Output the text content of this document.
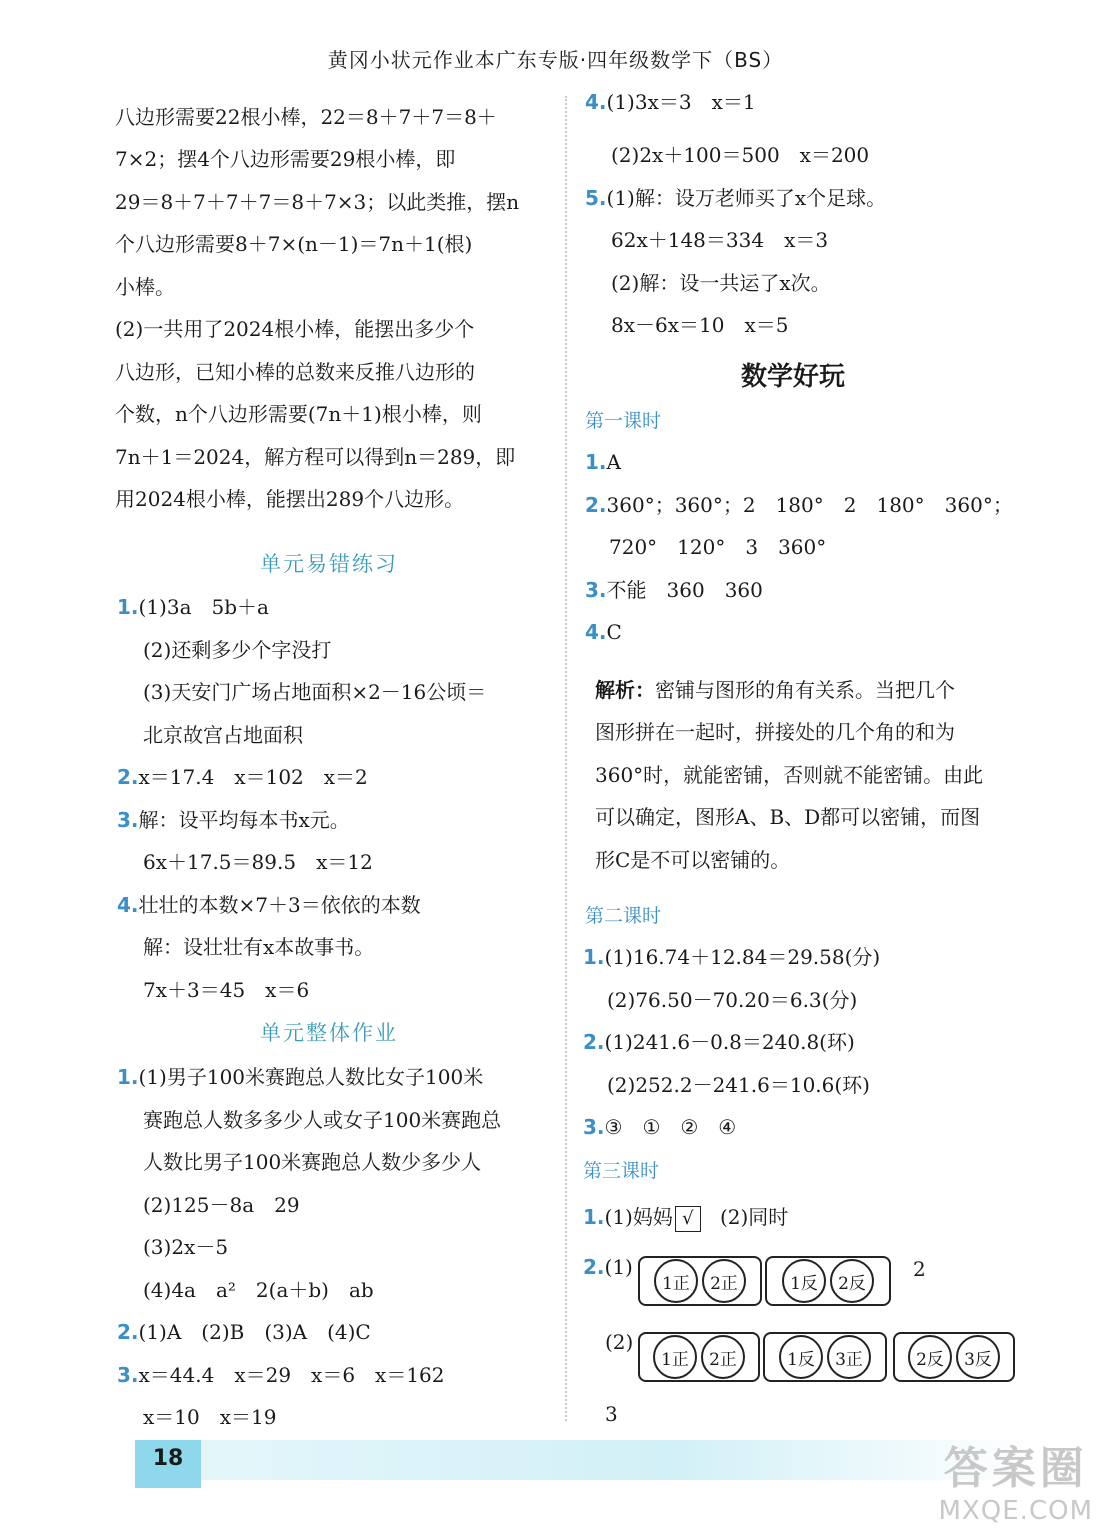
黄冈小状元作业本广东专版·四年级数学下（BS）
八边形需要22根小棒，22＝8＋7＋7＝8＋
7×2；摆4个八边形需要29根小棒，即
29＝8＋7＋7＋7＝8＋7×3；以此类推，摆n
个八边形需要8＋7×(n－1)＝7n＋1(根)
小棒。
(2)一共用了2024根小棒，能摆出多少个
八边形，已知小棒的总数来反推八边形的
个数，n个八边形需要(7n＋1)根小棒，则
7n＋1＝2024，解方程可以得到n＝289，即
用2024根小棒，能摆出289个八边形。
单元易错练习
1.(1)3a　5b＋a
(2)还剩多少个字没打
(3)天安门广场占地面积×2－16公顷＝
北京故宫占地面积
2.x＝17.4　x＝102　x＝2
3.解：设平均每本书x元。
6x＋17.5＝89.5　x＝12
4.壮壮的本数×7＋3＝依依的本数
解：设壮壮有x本故事书。
7x＋3＝45　x＝6
单元整体作业
1.(1)男子100米赛跑总人数比女子100米
赛跑总人数多多少人或女子100米赛跑总
人数比男子100米赛跑总人数少多少人
(2)125－8a　29
(3)2x－5
(4)4a　a²　2(a＋b)　ab
2.(1)A　(2)B　(3)A　(4)C
3.x＝44.4　x＝29　x＝6　x＝162
x＝10　x＝19
4.(1)3x＝3　x＝1
(2)2x＋100＝500　x＝200
5.(1)解：设万老师买了x个足球。
62x＋148＝334　x＝3
(2)解：设一共运了x次。
8x－6x＝10　x＝5
数学好玩
第一课时
1.A
2.360°；360°；2　180°　2　180°　360°；
720°　120°　3　360°
3.不能　360　360
4.C
解析：密铺与图形的角有关系。当把几个
图形拼在一起时，拼接处的几个角的和为
360°时，就能密铺，否则就不能密铺。由此
可以确定，图形A、B、D都可以密铺，而图
形C是不可以密铺的。
第二课时
1.(1)16.74＋12.84＝29.58(分)
(2)76.50－70.20＝6.3(分)
2.(1)241.6－0.8＝240.8(环)
(2)252.2－241.6＝10.6(环)
3.③　①　②　④
第三课时
1.(1)妈妈 √ (2)同时
2.(1)
1正	2正	1反	2反
2
(2)
1正	2正	1反	3正	2反	3反
3
18	答案圈
MXQE.COM
